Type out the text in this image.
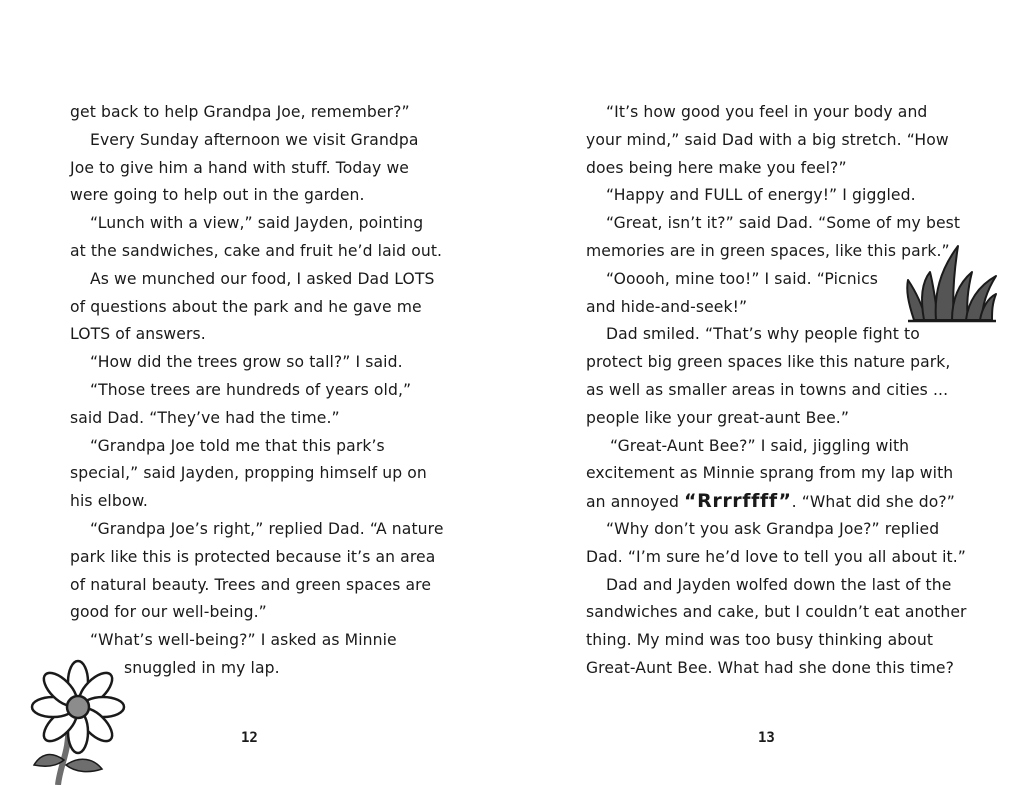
get back to help Grandpa Joe, remember?”
Every Sunday afternoon we visit Grandpa
Joe to give him a hand with stuff. Today we
were going to help out in the garden.
“Lunch with a view,” said Jayden, pointing
at the sandwiches, cake and fruit he’d laid out.
As we munched our food, I asked Dad LOTS
of questions about the park and he gave me
LOTS of answers.
“How did the trees grow so tall?” I said.
“Those trees are hundreds of years old,”
said Dad. “They’ve had the time.”
“Grandpa Joe told me that this park’s
special,” said Jayden, propping himself up on
his elbow.
“Grandpa Joe’s right,” replied Dad. “A nature
park like this is protected because it’s an area
of natural beauty. Trees and green spaces are
good for our well-being.”
“What’s well-being?” I asked as Minnie
snuggled in my lap.
12
“It’s how good you feel in your body and
your mind,” said Dad with a big stretch. “How
does being here make you feel?”
“Happy and FULL of energy!” I giggled.
“Great, isn’t it?” said Dad. “Some of my best
memories are in green spaces, like this park.”
“Ooooh, mine too!” I said. “Picnics
and hide-and-seek!”
Dad smiled. “That’s why people fight to
protect big green spaces like this nature park,
as well as smaller areas in towns and cities ...
people like your great-aunt Bee.”
“Great-Aunt Bee?” I said, jiggling with
excitement as Minnie sprang from my lap with
an annoyed “Rrrrffff”. “What did she do?”
“Why don’t you ask Grandpa Joe?” replied
Dad. “I’m sure he’d love to tell you all about it.”
Dad and Jayden wolfed down the last of the
sandwiches and cake, but I couldn’t eat another
thing. My mind was too busy thinking about
Great-Aunt Bee. What had she done this time?
13
